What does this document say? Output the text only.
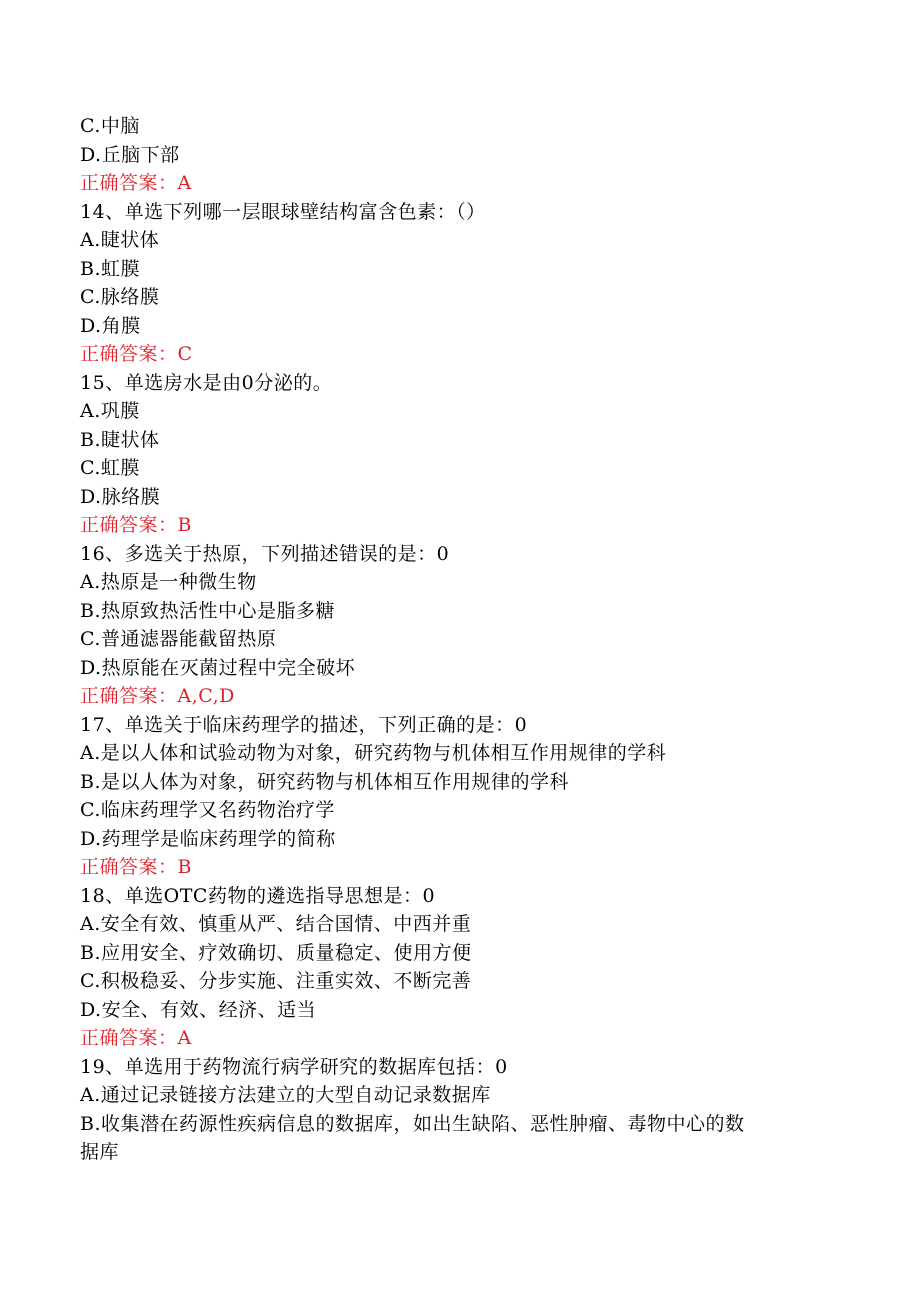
C.中脑
D.丘脑下部
正确答案：A
14、单选下列哪一层眼球壁结构富含色素：（）
A.睫状体
B.虹膜
C.脉络膜
D.角膜
正确答案：C
15、单选房水是由0分泌的。
A.巩膜
B.睫状体
C.虹膜
D.脉络膜
正确答案：B
16、多选关于热原，下列描述错误的是：0
A.热原是一种微生物
B.热原致热活性中心是脂多糖
C.普通滤器能截留热原
D.热原能在灭菌过程中完全破坏
正确答案：A,C,D
17、单选关于临床药理学的描述，下列正确的是：0
A.是以人体和试验动物为对象，研究药物与机体相互作用规律的学科
B.是以人体为对象，研究药物与机体相互作用规律的学科
C.临床药理学又名药物治疗学
D.药理学是临床药理学的简称
正确答案：B
18、单选OTC药物的遴选指导思想是：0
A.安全有效、慎重从严、结合国情、中西并重
B.应用安全、疗效确切、质量稳定、使用方便
C.积极稳妥、分步实施、注重实效、不断完善
D.安全、有效、经济、适当
正确答案：A
19、单选用于药物流行病学研究的数据库包括：0
A.通过记录链接方法建立的大型自动记录数据库
B.收集潜在药源性疾病信息的数据库，如出生缺陷、恶性肿瘤、毒物中心的数
据库
